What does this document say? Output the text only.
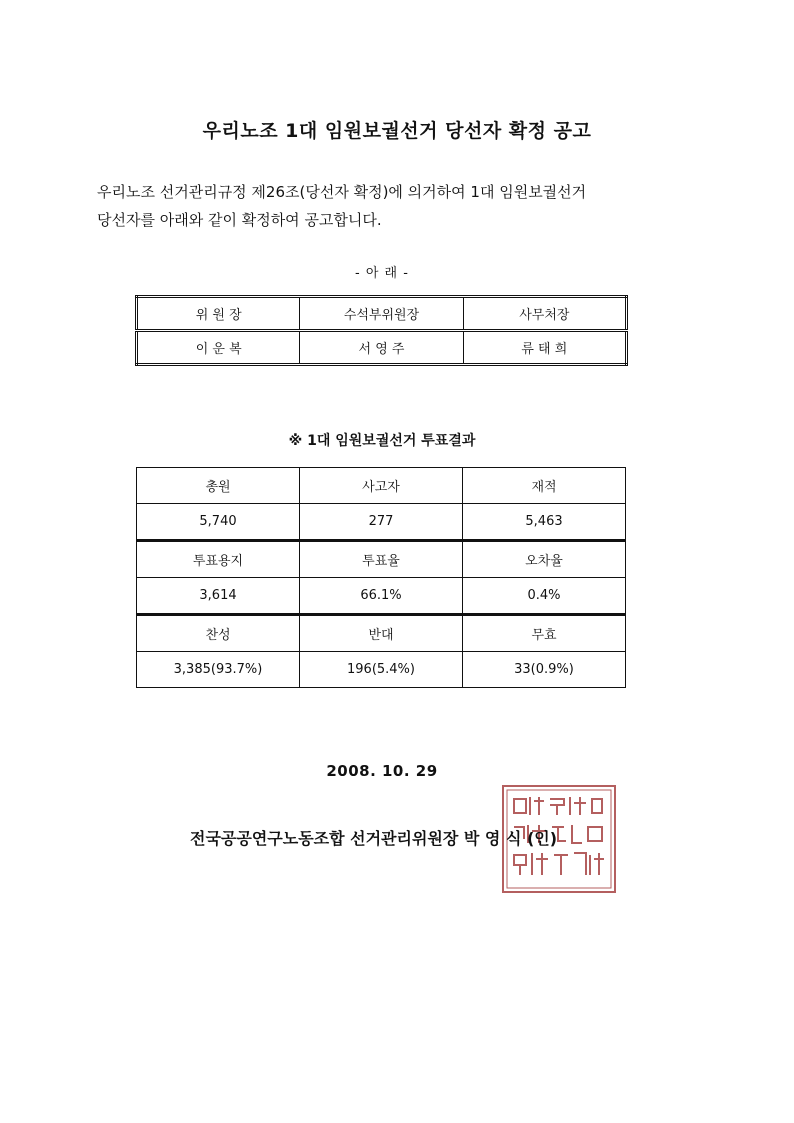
우리노조 1대 임원보궐선거 당선자 확정 공고

우리노조 선거관리규정 제26조(당선자 확정)에 의거하여 1대 임원보궐선거
당선자를 아래와 같이 확정하여 공고합니다.

- 아 래 -
위 원 장	수석부위원장	사무처장
이 운 복	서 영 주	류 태 희
※ 1대 임원보궐선거 투표결과
총원	사고자	재적
5,740	277	5,463
투표용지	투표율	오차율
3,614	66.1%	0.4%
찬성	반대	무효
3,385(93.7%)	196(5.4%)	33(0.9%)
2008. 10. 29
전국공공연구노동조합 선거관리위원장 박 영 식 (인)
